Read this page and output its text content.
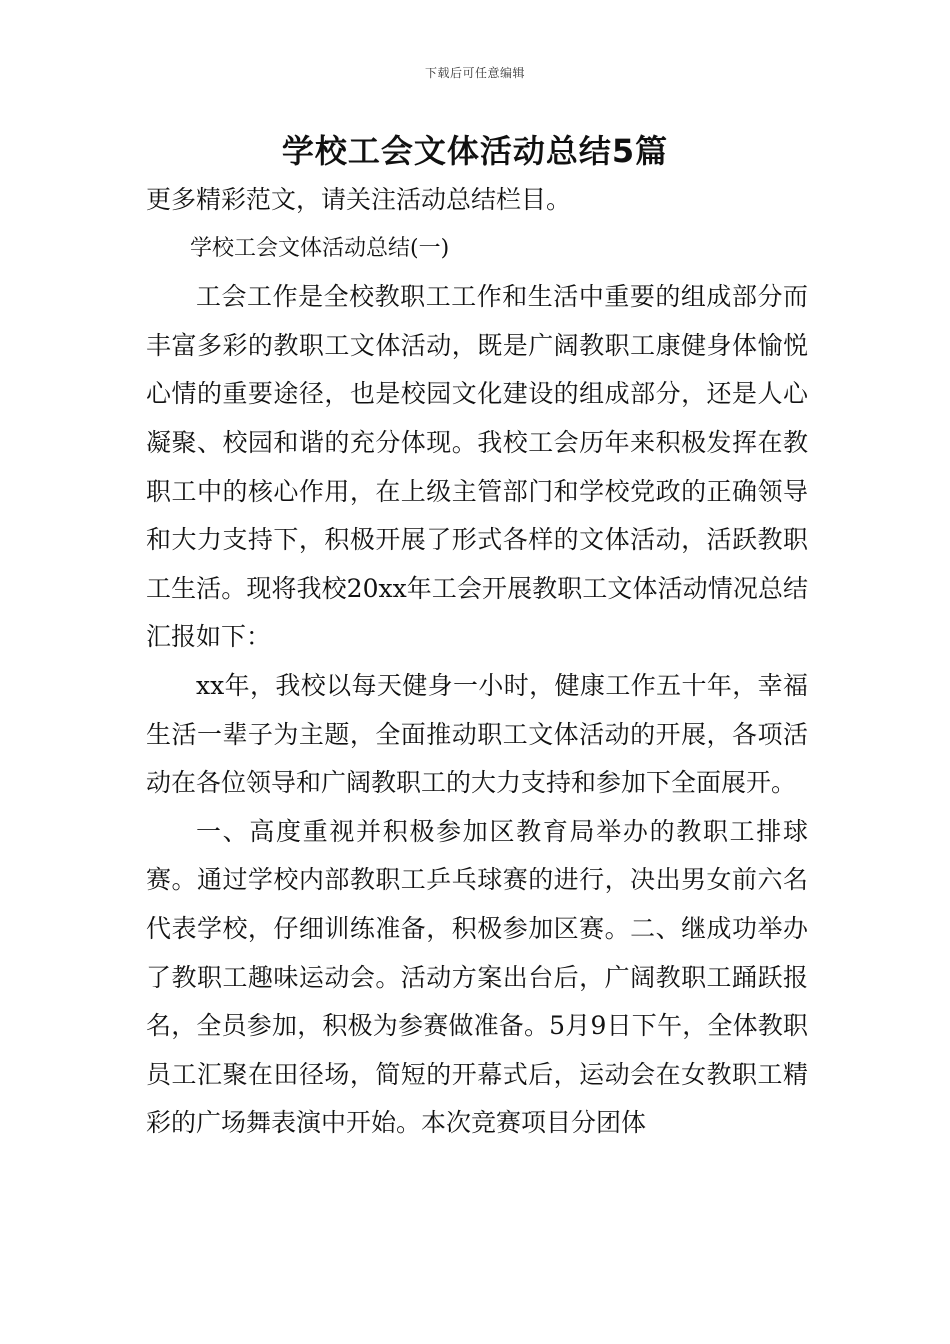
下载后可任意编辑
学校工会文体活动总结5篇

更多精彩范文，请关注活动总结栏目。

学校工会文体活动总结(一)

工会工作是全校教职工工作和生活中重要的组成部分而丰富多彩的教职工文体活动，既是广阔教职工康健身体愉悦心情的重要途径，也是校园文化建设的组成部分，还是人心凝聚、校园和谐的充分体现。我校工会历年来积极发挥在教职工中的核心作用，在上级主管部门和学校党政的正确领导和大力支持下，积极开展了形式各样的文体活动，活跃教职工生活。现将我校20xx年工会开展教职工文体活动情况总结汇报如下：

xx年，我校以每天健身一小时，健康工作五十年，幸福生活一辈子为主题，全面推动职工文体活动的开展，各项活动在各位领导和广阔教职工的大力支持和参加下全面展开。

一、高度重视并积极参加区教育局举办的教职工排球赛。通过学校内部教职工乒乓球赛的进行，决出男女前六名代表学校，仔细训练准备，积极参加区赛。二、继成功举办了教职工趣味运动会。活动方案出台后，广阔教职工踊跃报名，全员参加，积极为参赛做准备。5月9日下午，全体教职员工汇聚在田径场，简短的开幕式后，运动会在女教职工精彩的广场舞表演中开始。本次竞赛项目分团体
